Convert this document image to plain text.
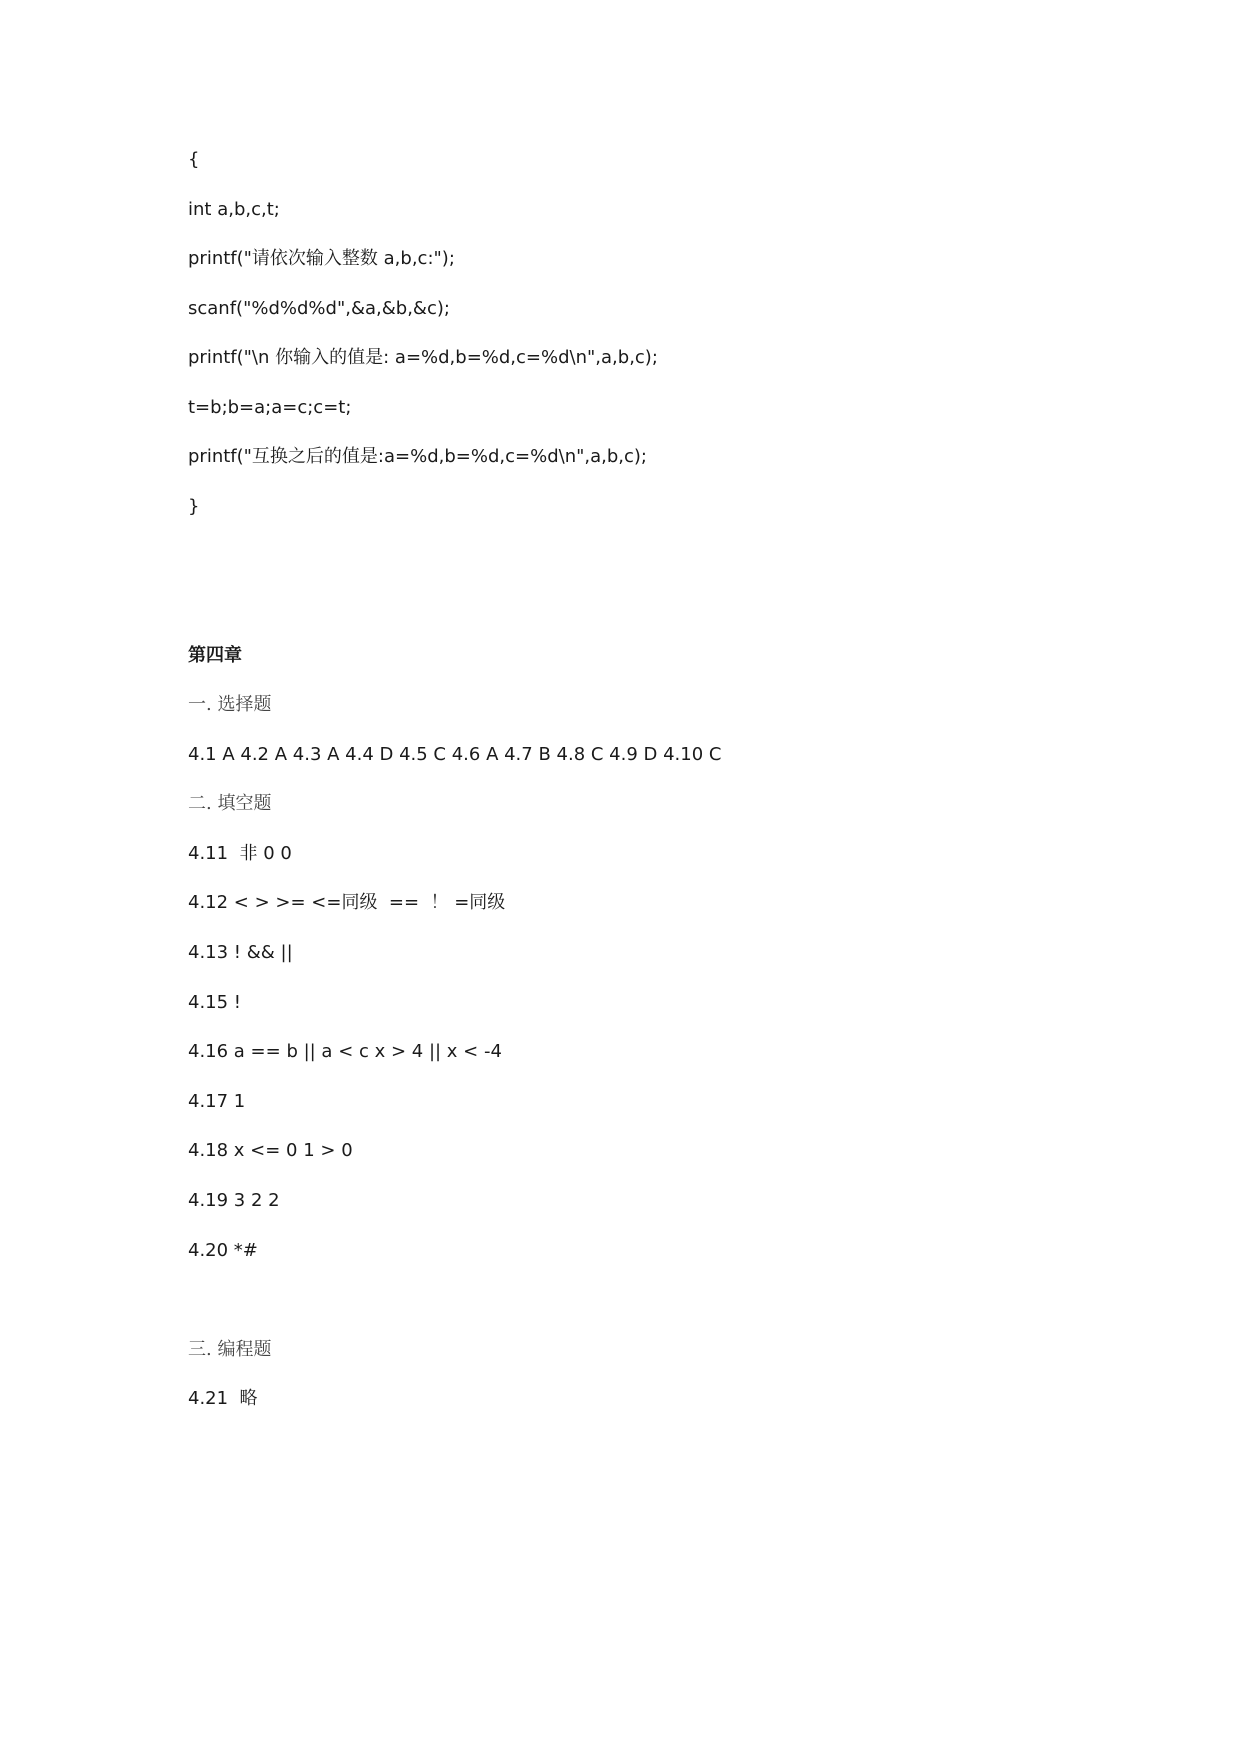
{
int a,b,c,t;
printf("请依次输入整数 a,b,c:");
scanf("%d%d%d",&a,&b,&c);
printf("\n 你输入的值是: a=%d,b=%d,c=%d\n",a,b,c);
t=b;b=a;a=c;c=t;
printf("互换之后的值是:a=%d,b=%d,c=%d\n",a,b,c);
}
第四章
一. 选择题
4.1 A 4.2 A 4.3 A 4.4 D 4.5 C 4.6 A 4.7 B 4.8 C 4.9 D 4.10 C
二. 填空题
4.11  非 0 0
4.12 < > >= <=同级  ==  ！ =同级
4.13 ! && ||
4.15 !
4.16 a == b || a < c x > 4 || x < -4
4.17 1
4.18 x <= 0 1 > 0
4.19 3 2 2
4.20 *#
三. 编程题
4.21  略
